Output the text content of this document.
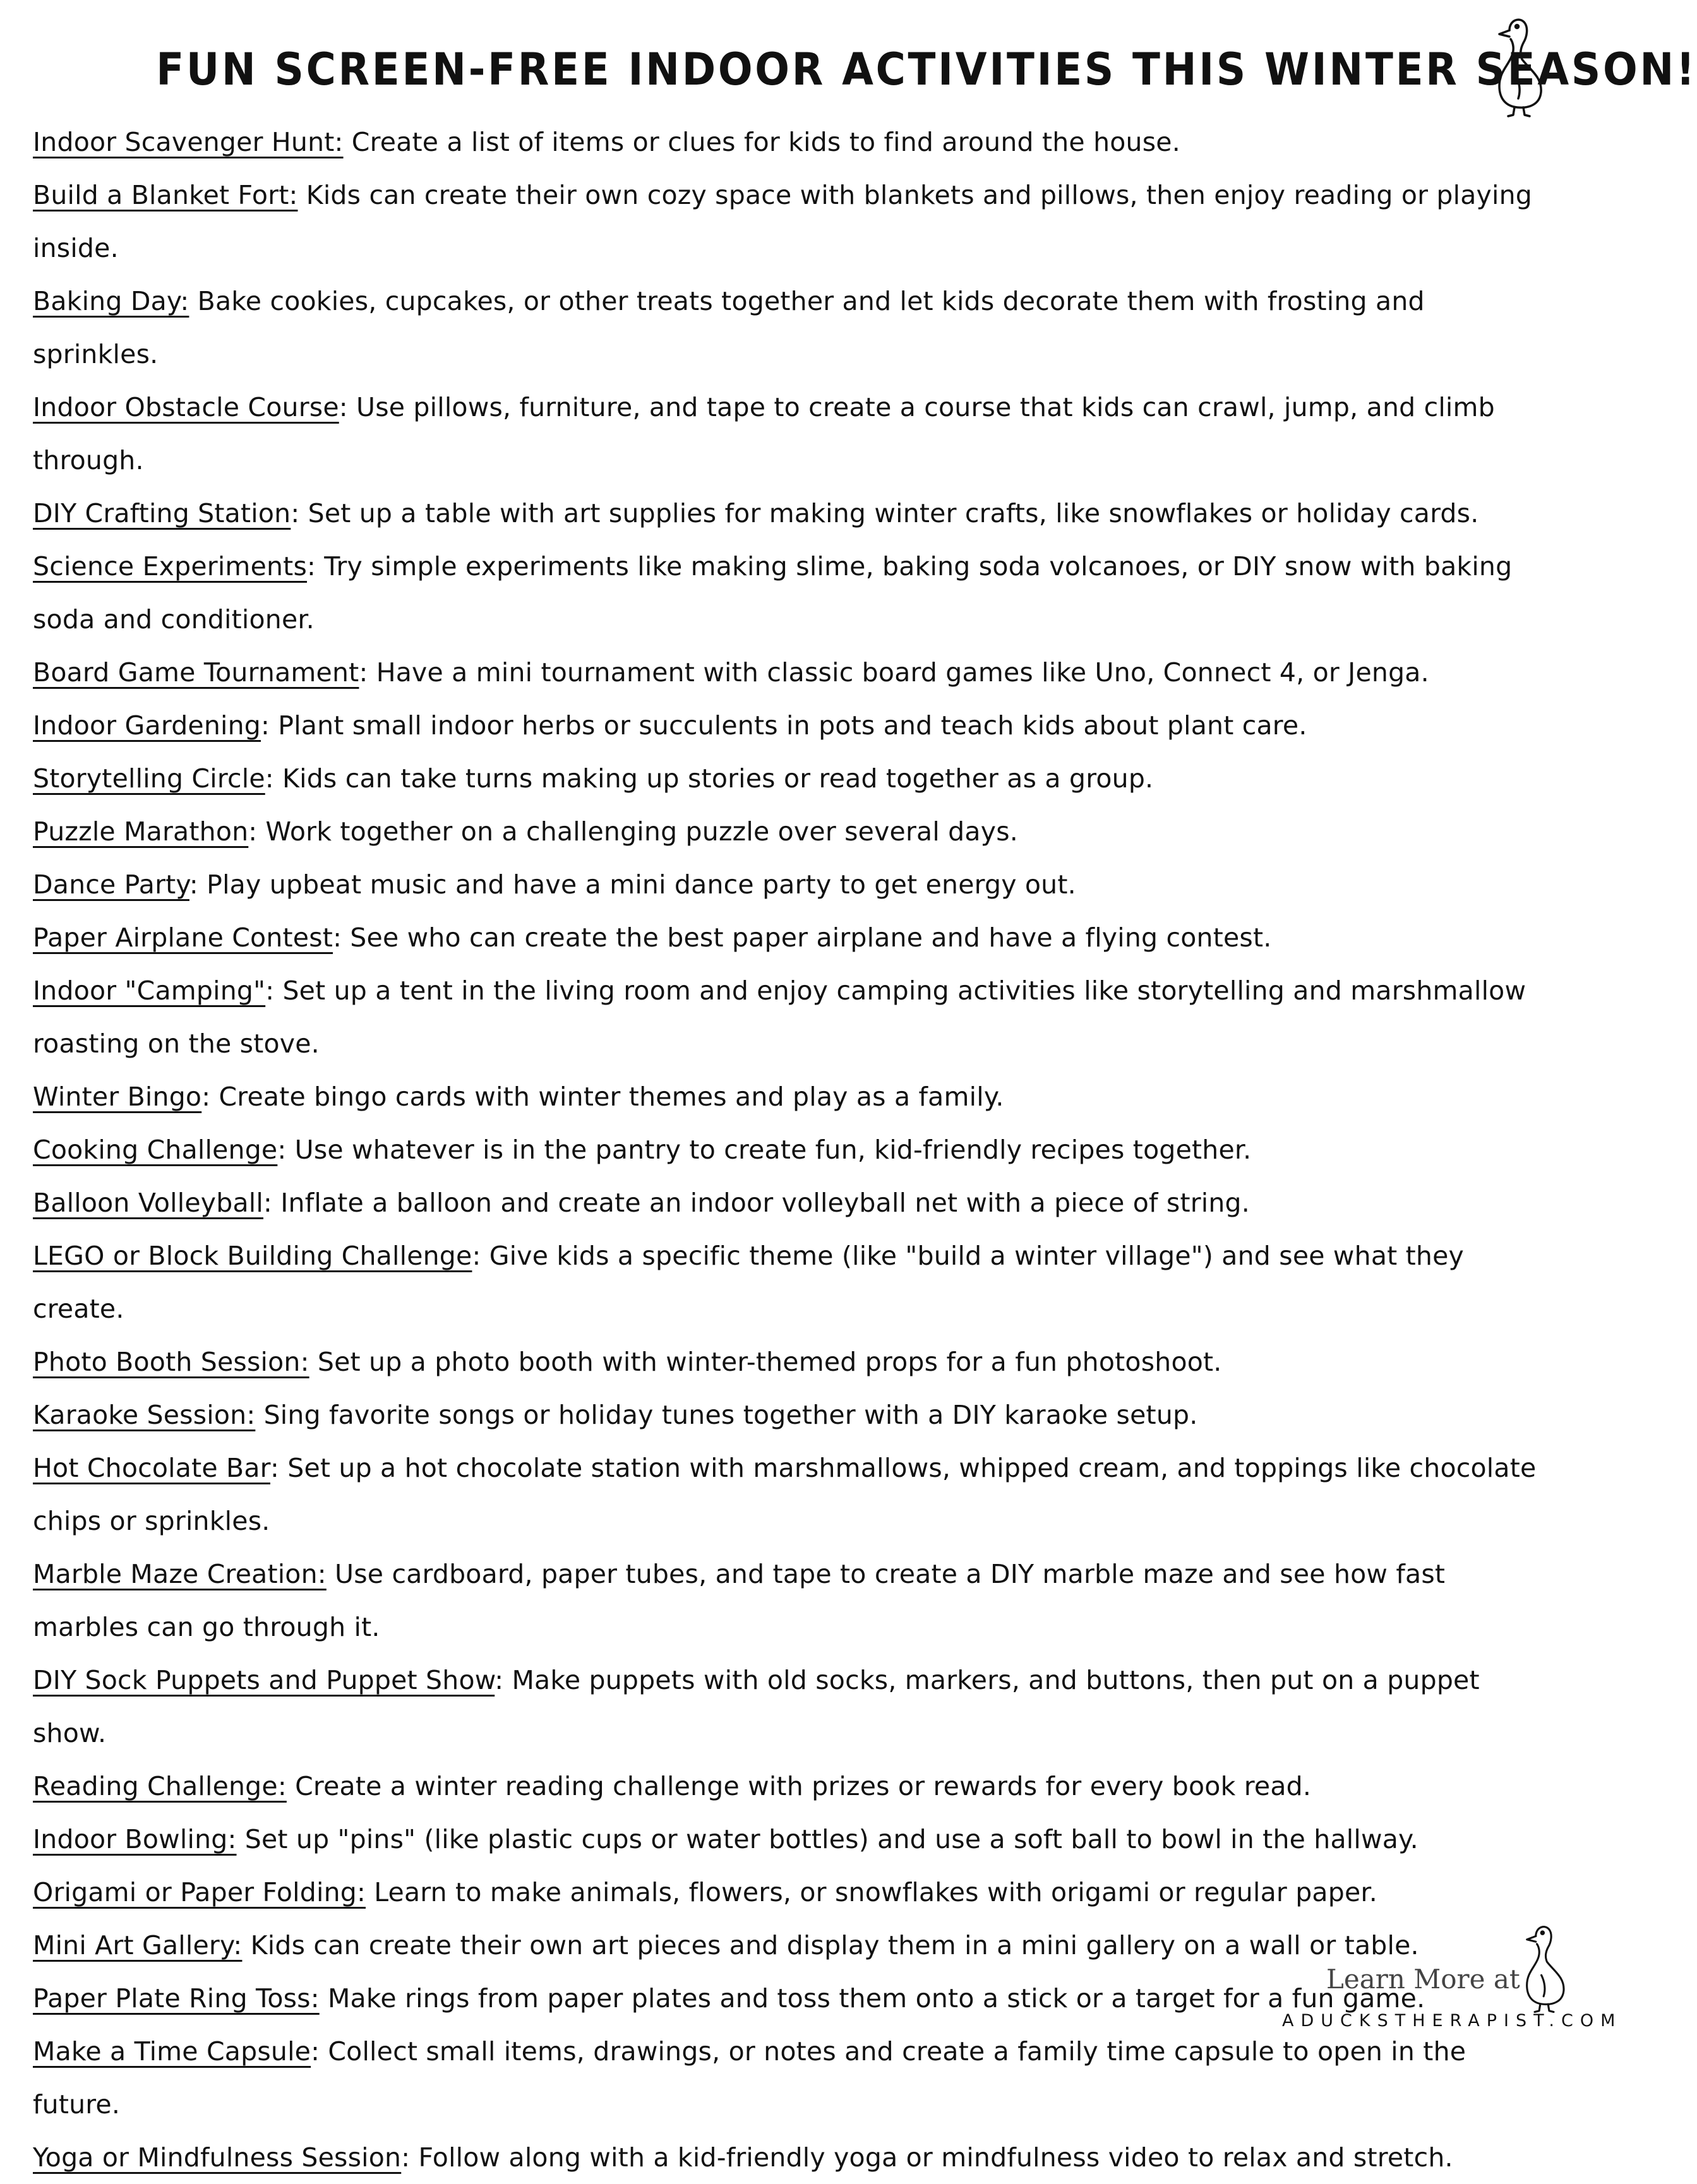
FUN SCREEN-FREE INDOOR ACTIVITIES THIS WINTER SEASON!
Indoor Scavenger Hunt: Create a list of items or clues for kids to find around the house.
Build a Blanket Fort: Kids can create their own cozy space with blankets and pillows, then enjoy reading or playing inside.
Baking Day: Bake cookies, cupcakes, or other treats together and let kids decorate them with frosting and sprinkles.
Indoor Obstacle Course: Use pillows, furniture, and tape to create a course that kids can crawl, jump, and climb through.
DIY Crafting Station: Set up a table with art supplies for making winter crafts, like snowflakes or holiday cards.
Science Experiments: Try simple experiments like making slime, baking soda volcanoes, or DIY snow with baking soda and conditioner.
Board Game Tournament: Have a mini tournament with classic board games like Uno, Connect 4, or Jenga.
Indoor Gardening: Plant small indoor herbs or succulents in pots and teach kids about plant care.
Storytelling Circle: Kids can take turns making up stories or read together as a group.
Puzzle Marathon: Work together on a challenging puzzle over several days.
Dance Party: Play upbeat music and have a mini dance party to get energy out.
Paper Airplane Contest: See who can create the best paper airplane and have a flying contest.
Indoor "Camping": Set up a tent in the living room and enjoy camping activities like storytelling and marshmallow roasting on the stove.
Winter Bingo: Create bingo cards with winter themes and play as a family.
Cooking Challenge: Use whatever is in the pantry to create fun, kid-friendly recipes together.
Balloon Volleyball: Inflate a balloon and create an indoor volleyball net with a piece of string.
LEGO or Block Building Challenge: Give kids a specific theme (like "build a winter village") and see what they create.
Photo Booth Session: Set up a photo booth with winter-themed props for a fun photoshoot.
Karaoke Session: Sing favorite songs or holiday tunes together with a DIY karaoke setup.
Hot Chocolate Bar: Set up a hot chocolate station with marshmallows, whipped cream, and toppings like chocolate chips or sprinkles.
Marble Maze Creation: Use cardboard, paper tubes, and tape to create a DIY marble maze and see how fast marbles can go through it.
DIY Sock Puppets and Puppet Show: Make puppets with old socks, markers, and buttons, then put on a puppet show.
Reading Challenge: Create a winter reading challenge with prizes or rewards for every book read.
Indoor Bowling: Set up "pins" (like plastic cups or water bottles) and use a soft ball to bowl in the hallway.
Origami or Paper Folding: Learn to make animals, flowers, or snowflakes with origami or regular paper.
Mini Art Gallery: Kids can create their own art pieces and display them in a mini gallery on a wall or table.
Paper Plate Ring Toss: Make rings from paper plates and toss them onto a stick or a target for a fun game.
Make a Time Capsule: Collect small items, drawings, or notes and create a family time capsule to open in the future.
Yoga or Mindfulness Session: Follow along with a kid-friendly yoga or mindfulness video to relax and stretch.
Learn More at
ADUCKSTHERAPIST.COM
